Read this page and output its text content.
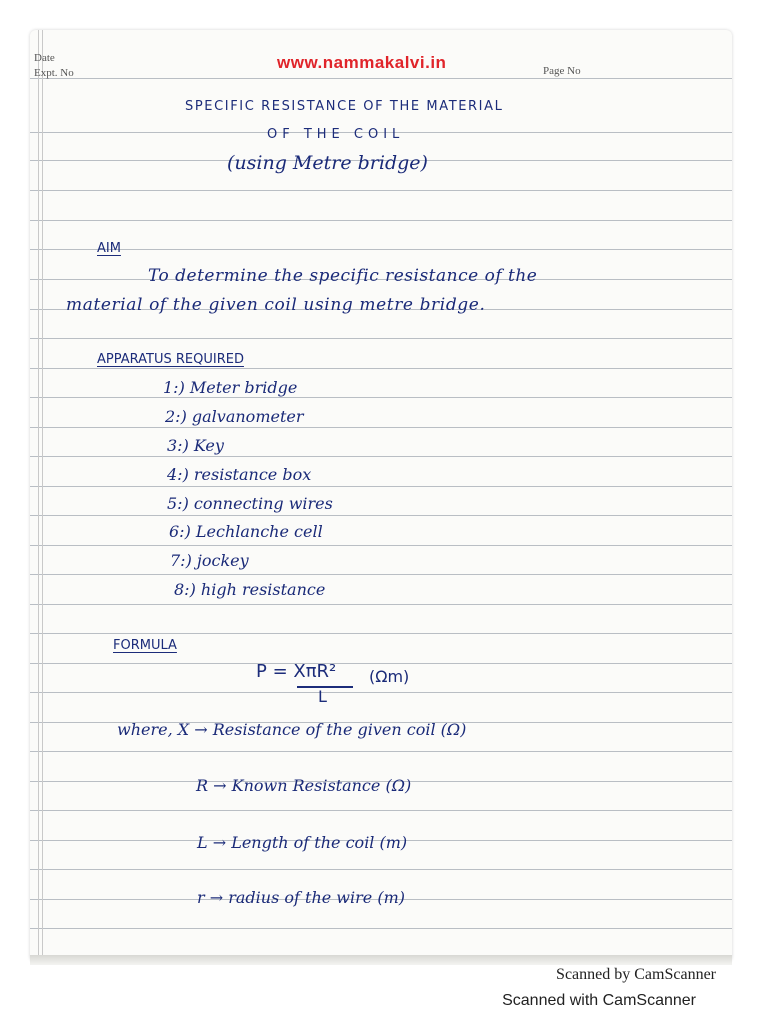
Date
Expt. No	Page No
www.nammakalvi.in
SPECIFIC RESISTANCE OF THE MATERIAL
OF THE COIL
(using Metre bridge)
AIM
To determine the specific resistance of the
material of the given coil using metre bridge.
APPARATUS REQUIRED
1:) Meter bridge
2:) galvanometer
3:) Key
4:) resistance box
5:) connecting wires
6:) Lechlanche cell
7:) jockey
8:) high resistance
FORMULA
P = XπR²
L
(Ωm)
where, X → Resistance of the given coil (Ω)
R → Known Resistance (Ω)
L → Length of the coil (m)
r → radius of the wire (m)
Scanned by CamScanner
Scanned with CamScanner
